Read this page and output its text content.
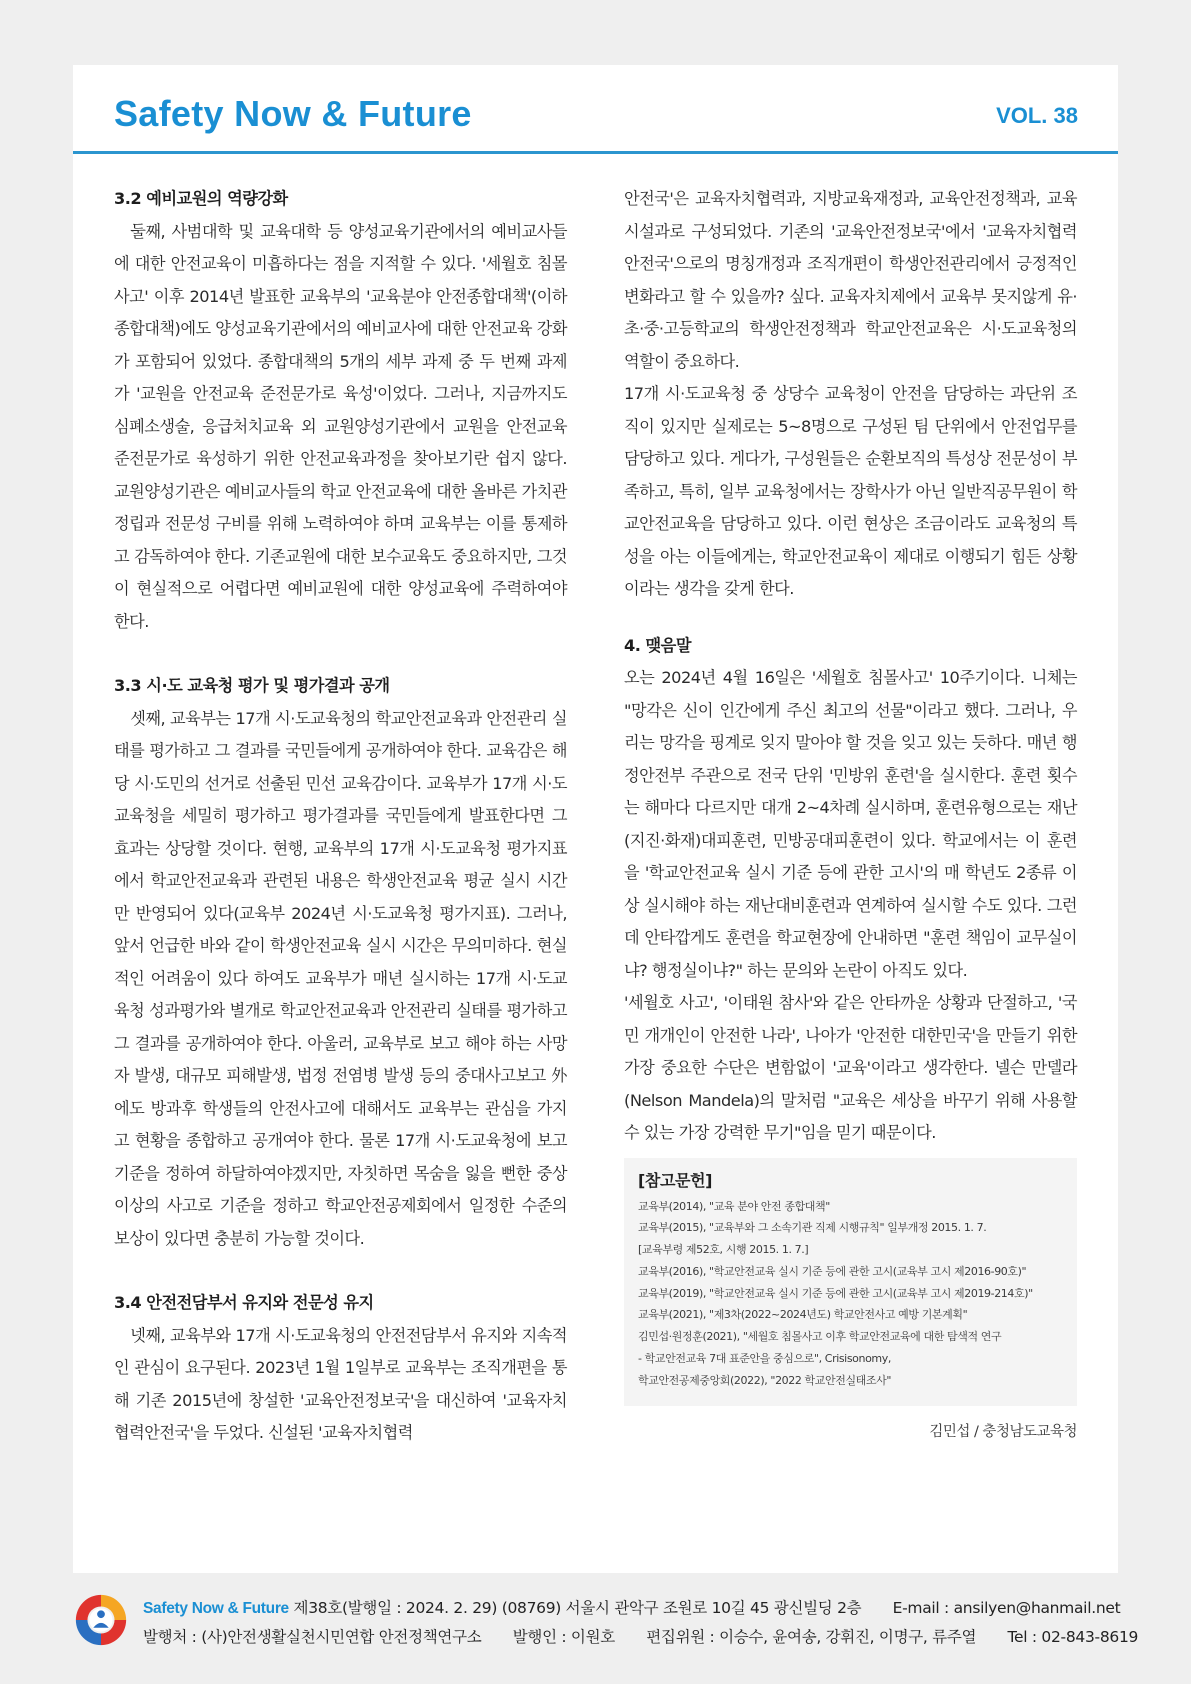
Safety Now & Future	VOL. 38
3.2 예비교원의 역량강화

둘째, 사범대학 및 교육대학 등 양성교육기관에서의 예비교사들에 대한 안전교육이 미흡하다는 점을 지적할 수 있다. '세월호 침몰사고' 이후 2014년 발표한 교육부의 '교육분야 안전종합대책'(이하 종합대책)에도 양성교육기관에서의 예비교사에 대한 안전교육 강화가 포함되어 있었다. 종합대책의 5개의 세부 과제 중 두 번째 과제가 '교원을 안전교육 준전문가로 육성'이었다. 그러나, 지금까지도 심폐소생술, 응급처치교육 외 교원양성기관에서 교원을 안전교육 준전문가로 육성하기 위한 안전교육과정을 찾아보기란 쉽지 않다. 교원양성기관은 예비교사들의 학교 안전교육에 대한 올바른 가치관 정립과 전문성 구비를 위해 노력하여야 하며 교육부는 이를 통제하고 감독하여야 한다. 기존교원에 대한 보수교육도 중요하지만, 그것이 현실적으로 어렵다면 예비교원에 대한 양성교육에 주력하여야 한다.

3.3 시·도 교육청 평가 및 평가결과 공개

셋째, 교육부는 17개 시·도교육청의 학교안전교육과 안전관리 실태를 평가하고 그 결과를 국민들에게 공개하여야 한다. 교육감은 해당 시·도민의 선거로 선출된 민선 교육감이다. 교육부가 17개 시·도교육청을 세밀히 평가하고 평가결과를 국민들에게 발표한다면 그 효과는 상당할 것이다. 현행, 교육부의 17개 시·도교육청 평가지표에서 학교안전교육과 관련된 내용은 학생안전교육 평균 실시 시간만 반영되어 있다(교육부 2024년 시·도교육청 평가지표). 그러나, 앞서 언급한 바와 같이 학생안전교육 실시 시간은 무의미하다. 현실적인 어려움이 있다 하여도 교육부가 매년 실시하는 17개 시·도교육청 성과평가와 별개로 학교안전교육과 안전관리 실태를 평가하고 그 결과를 공개하여야 한다. 아울러, 교육부로 보고 해야 하는 사망자 발생, 대규모 피해발생, 법정 전염병 발생 등의 중대사고보고 外에도 방과후 학생들의 안전사고에 대해서도 교육부는 관심을 가지고 현황을 종합하고 공개여야 한다. 물론 17개 시·도교육청에 보고 기준을 정하여 하달하여야겠지만, 자칫하면 목숨을 잃을 뻔한 중상 이상의 사고로 기준을 정하고 학교안전공제회에서 일정한 수준의 보상이 있다면 충분히 가능할 것이다.

3.4 안전전담부서 유지와 전문성 유지

넷째, 교육부와 17개 시·도교육청의 안전전담부서 유지와 지속적인 관심이 요구된다. 2023년 1월 1일부로 교육부는 조직개편을 통해 기존 2015년에 창설한 '교육안전정보국'을 대신하여 '교육자치협력안전국'을 두었다. 신설된 '교육자치협력

안전국'은 교육자치협력과, 지방교육재정과, 교육안전정책과, 교육시설과로 구성되었다. 기존의 '교육안전정보국'에서 '교육자치협력안전국'으로의 명칭개정과 조직개편이 학생안전관리에서 긍정적인 변화라고 할 수 있을까? 싶다. 교육자치제에서 교육부 못지않게 유·초·중·고등학교의 학생안전정책과 학교안전교육은 시·도교육청의 역할이 중요하다.

17개 시·도교육청 중 상당수 교육청이 안전을 담당하는 과단위 조직이 있지만 실제로는 5~8명으로 구성된 팀 단위에서 안전업무를 담당하고 있다. 게다가, 구성원들은 순환보직의 특성상 전문성이 부족하고, 특히, 일부 교육청에서는 장학사가 아닌 일반직공무원이 학교안전교육을 담당하고 있다. 이런 현상은 조금이라도 교육청의 특성을 아는 이들에게는, 학교안전교육이 제대로 이행되기 힘든 상황이라는 생각을 갖게 한다.

4. 맺음말

오는 2024년 4월 16일은 '세월호 침몰사고' 10주기이다. 니체는 "망각은 신이 인간에게 주신 최고의 선물"이라고 했다. 그러나, 우리는 망각을 핑계로 잊지 말아야 할 것을 잊고 있는 듯하다. 매년 행정안전부 주관으로 전국 단위 '민방위 훈련'을 실시한다. 훈련 횟수는 해마다 다르지만 대개 2~4차례 실시하며, 훈련유형으로는 재난(지진·화재)대피훈련, 민방공대피훈련이 있다. 학교에서는 이 훈련을 '학교안전교육 실시 기준 등에 관한 고시'의 매 학년도 2종류 이상 실시해야 하는 재난대비훈련과 연계하여 실시할 수도 있다. 그런데 안타깝게도 훈련을 학교현장에 안내하면 "훈련 책임이 교무실이냐? 행정실이냐?" 하는 문의와 논란이 아직도 있다.

'세월호 사고', '이태원 참사'와 같은 안타까운 상황과 단절하고, '국민 개개인이 안전한 나라', 나아가 '안전한 대한민국'을 만들기 위한 가장 중요한 수단은 변함없이 '교육'이라고 생각한다. 넬슨 만델라(Nelson Mandela)의 말처럼 "교육은 세상을 바꾸기 위해 사용할 수 있는 가장 강력한 무기"임을 믿기 때문이다.

[참고문헌]
교육부(2014), "교육 분야 안전 종합대책"
교육부(2015), "교육부와 그 소속기관 직제 시행규칙" 일부개정 2015. 1. 7.
[교육부령 제52호, 시행 2015. 1. 7.]
교육부(2016), "학교안전교육 실시 기준 등에 관한 고시(교육부 고시 제2016-90호)"
교육부(2019), "학교안전교육 실시 기준 등에 관한 고시(교육부 고시 제2019-214호)"
교육부(2021), "제3차(2022~2024년도) 학교안전사고 예방 기본계획"
김민섭·원정훈(2021), "세월호 침몰사고 이후 학교안전교육에 대한 탐색적 연구
- 학교안전교육 7대 표준안을 중심으로", Crisisonomy,
학교안전공제중앙회(2022), "2022 학교안전실태조사"
김민섭 / 충청남도교육청
Safety Now & Future 제38호(발행일 : 2024. 2. 29) (08769) 서울시 관악구 조원로 10길 45 광신빌딩 2층 E-mail : ansilyen@hanmail.net
발행처 : (사)안전생활실천시민연합 안전정책연구소 발행인 : 이원호 편집위원 : 이승수, 윤여송, 강휘진, 이명구, 류주열 Tel : 02-843-8619
